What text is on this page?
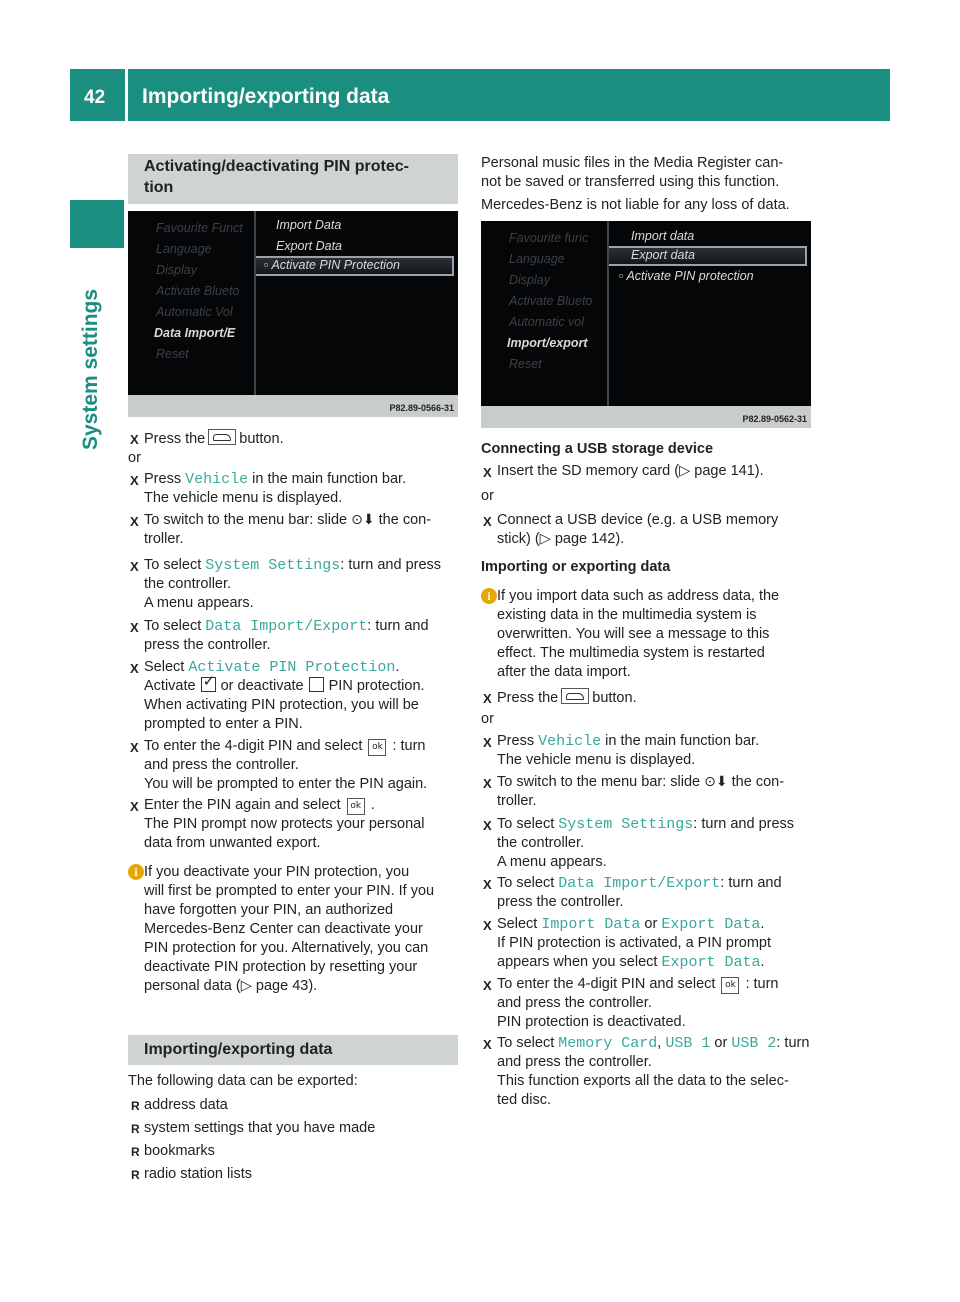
42 Importing/exporting data
System settings
Activating/deactivating PIN protec-
tion
Favourite Funct
Language
Display
Activate Blueto
Automatic Vol
Data Import/E
Reset
Import Data
Export Data
▫ Activate PIN Protection
P82.89-0566-31
X Press the button.
or
X Press Vehicle in the main function bar.
The vehicle menu is displayed.
X To switch to the menu bar: slide ⊙⬇ the con-
troller.
X To select System Settings: turn and press
the controller.
A menu appears.
X To select Data Import/Export: turn and
press the controller.
X Select Activate PIN Protection.
Activate✓ or deactivate PIN protection.
When activating PIN protection, you will be
prompted to enter a PIN.
X To enter the 4-digit PIN and select ok : turn
and press the controller.
You will be prompted to enter the PIN again.
X Enter the PIN again and select ok .
The PIN prompt now protects your personal
data from unwanted export.
i If you deactivate your PIN protection, you
will first be prompted to enter your PIN. If you
have forgotten your PIN, an authorized
Mercedes-Benz Center can deactivate your
PIN protection for you. Alternatively, you can
deactivate PIN protection by resetting your
personal data (▷ page 43).
Importing/exporting data
The following data can be exported:
R address data
R system settings that you have made
R bookmarks
R radio station lists
Personal music files in the Media Register can-
not be saved or transferred using this function.
Mercedes-Benz is not liable for any loss of data.
Favourite func
Language
Display
Activate Blueto
Automatic vol
Import/export
Reset
Import data
Export data
▫ Activate PIN protection
P82.89-0562-31
Connecting a USB storage device
X Insert the SD memory card (▷ page 141).
or
X Connect a USB device (e.g. a USB memory
stick) (▷ page 142).
Importing or exporting data
i If you import data such as address data, the
existing data in the multimedia system is
overwritten. You will see a message to this
effect. The multimedia system is restarted
after the data import.
X Press the button.
or
X Press Vehicle in the main function bar.
The vehicle menu is displayed.
X To switch to the menu bar: slide ⊙⬇ the con-
troller.
X To select System Settings: turn and press
the controller.
A menu appears.
X To select Data Import/Export: turn and
press the controller.
X Select Import Data or Export Data.
If PIN protection is activated, a PIN prompt
appears when you select Export Data.
X To enter the 4-digit PIN and select ok : turn
and press the controller.
PIN protection is deactivated.
X To select Memory Card, USB 1 or USB 2: turn
and press the controller.
This function exports all the data to the selec-
ted disc.
